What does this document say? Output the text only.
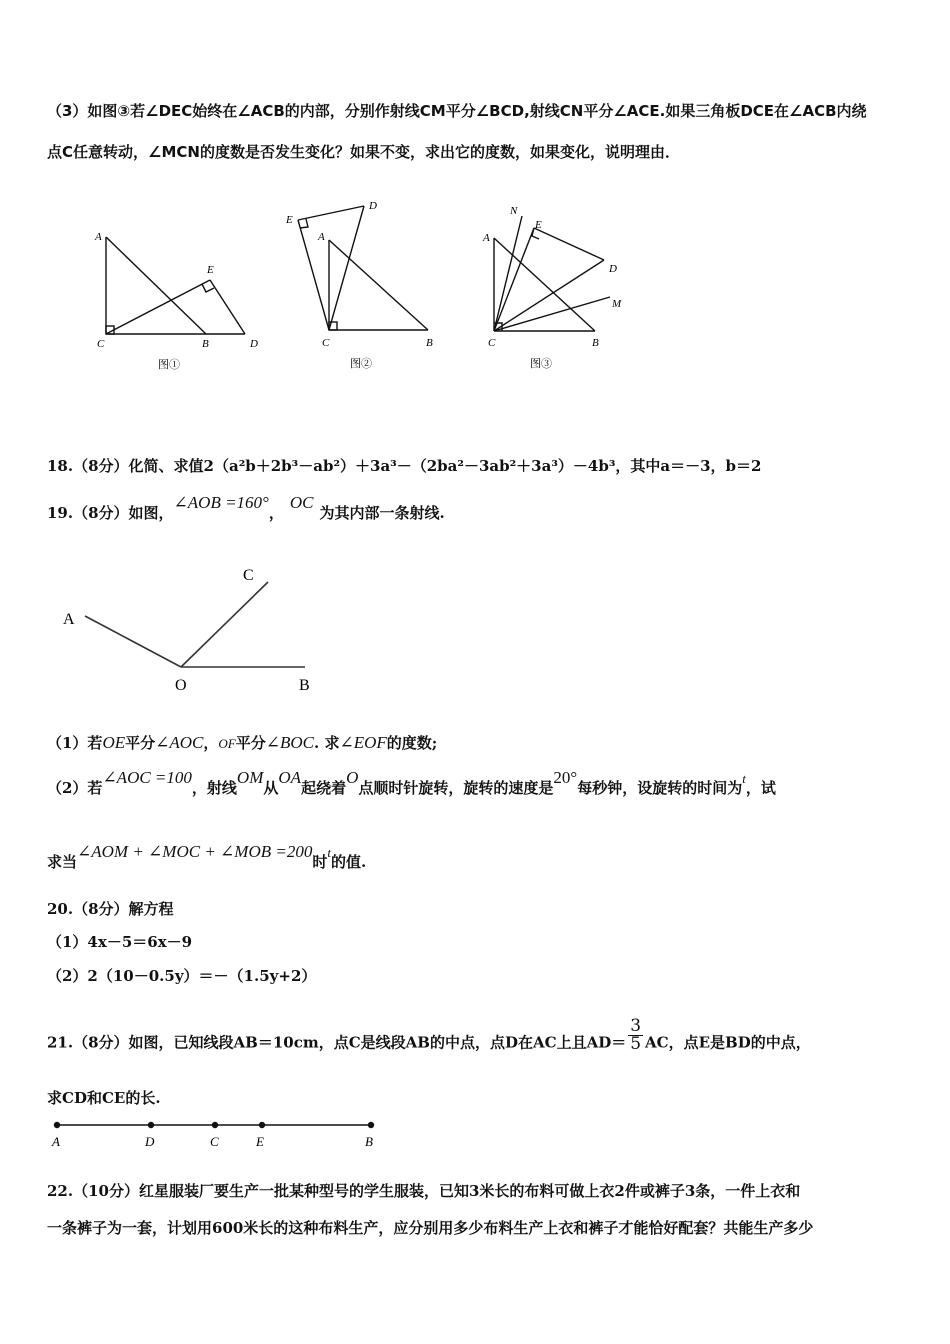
（3）如图③若∠DEC始终在∠ACB的内部，分别作射线CM平分∠BCD,射线CN平分∠ACE.如果三角板DCE在∠ACB内绕
点C任意转动，∠MCN的度数是否发生变化？如果不变，求出它的度数，如果变化，说明理由．
A
E
C	B	D
图①
E
D
A
C	B
图②
N
E
A
D
M
C	B
图③
18.（8分）化简、求值2（a²b＋2b³－ab²）＋3a³－（2ba²－3ab²＋3a³）－4b³，其中a＝－3，b＝2
19.（8分）如图，∠AOB =160°，OC为其内部一条射线.
C
A
O	B
（1）若OE平分∠AOC，OF平分∠BOC. 求∠EOF的度数;
（2）若∠AOC =100，射线OM从OA起绕着O点顺时针旋转，旋转的速度是20°每秒钟，设旋转的时间为t，试
求当∠AOM + ∠MOC + ∠MOB =200时t的值.
20.（8分）解方程
（1）4x－5＝6x－9
（2）2（10－0.5y）＝－（1.5y+2）
21.（8分）如图，已知线段AB＝10cm，点C是线段AB的中点，点D在AC上且$AD= \frac{3}{5}$ AC，点E是BD的中点，
求CD和CE的长.
A	D	C	E	B
22.（10分）红星服装厂要生产一批某种型号的学生服装，已知3米长的布料可做上衣2件或裤子3条，一件上衣和
一条裤子为一套，计划用600米长的这种布料生产，应分别用多少布料生产上衣和裤子才能恰好配套？共能生产多少
